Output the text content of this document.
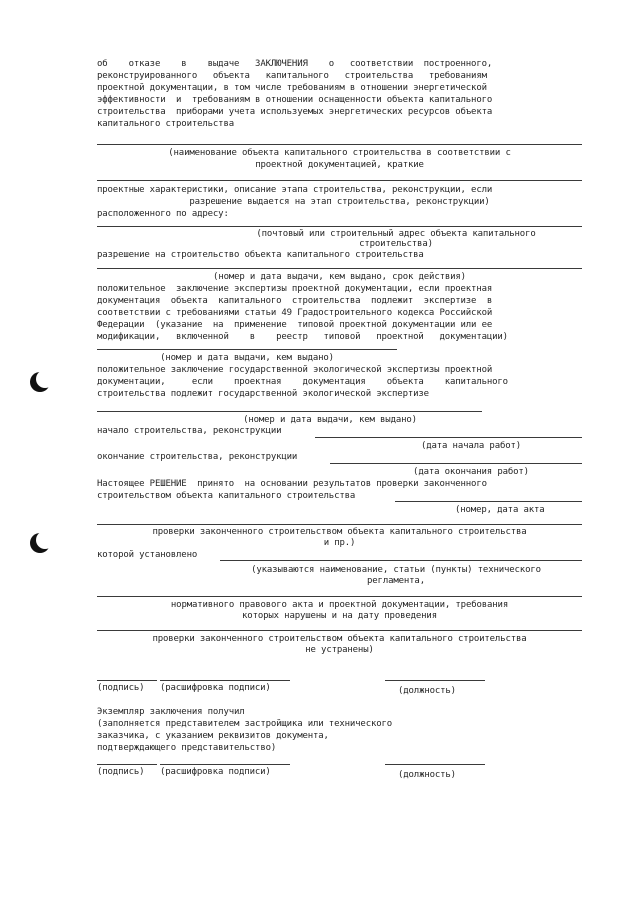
об    отказе    в    выдаче   ЗАКЛЮЧЕНИЯ    о   соответствии  построенного,
реконструированного   объекта   капитального   строительства   требованиям
проектной документации, в том числе требованиям в отношении энергетической
эффективности  и  требованиям в отношении оснащенности объекта капитального
строительства  приборами учета используемых энергетических ресурсов объекта
капитального строительства
(наименование объекта капитального строительства в соответствии с
проектной документацией, краткие
проектные характеристики, описание этапа строительства, реконструкции, если
разрешение выдается на этап строительства, реконструкции)
расположенного по адресу:
(почтовый или строительный адрес объекта капитального
строительства)
разрешение на строительство объекта капитального строительства
(номер и дата выдачи, кем выдано, срок действия)
положительное  заключение экспертизы проектной документации, если проектная
документация  объекта  капитального  строительства  подлежит  экспертизе  в
соответствии с требованиями статьи 49 Градостроительного кодекса Российской
Федерации  (указание  на  применение  типовой проектной документации или ее
модификации,   включенной    в    реестр   типовой   проектной   документации)
(номер и дата выдачи, кем выдано)
положительное заключение государственной экологической экспертизы проектной
документации,     если    проектная    документация    объекта    капитального
строительства подлежит государственной экологической экспертизе
(номер и дата выдачи, кем выдано)
начало строительства, реконструкции
(дата начала работ)
окончание строительства, реконструкции
(дата окончания работ)
Настоящее РЕШЕНИЕ  принято  на основании результатов проверки законченного
строительством объекта капитального строительства
(номер, дата акта
проверки законченного строительством объекта капитального строительства
и пр.)
которой установлено
(указываются наименование, статьи (пункты) технического
регламента,
нормативного правового акта и проектной документации, требования
которых нарушены и на дату проведения
проверки законченного строительством объекта капитального строительства
не устранены)
(подпись) (расшифровка подписи)	(должность)
Экземпляр заключения получил
(заполняется представителем застройщика или технического
заказчика, с указанием реквизитов документа,
подтверждающего представительство)
(подпись) (расшифровка подписи)	(должность)
